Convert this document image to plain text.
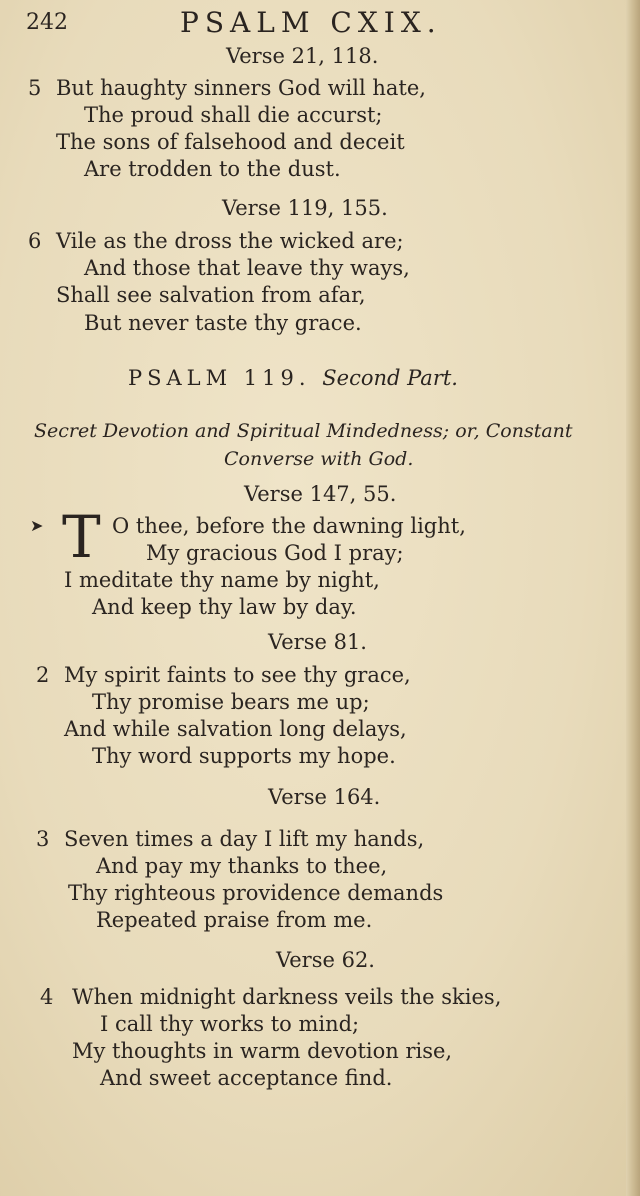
242	PSALM CXIX.
Verse 21, 118.
5 But haughty sinners God will hate,
The proud shall die accurst;
The sons of falsehood and deceit
Are trodden to the dust.
Verse 119, 155.
6 Vile as the dross the wicked are;
And those that leave thy ways,
Shall see salvation from afar,
But never taste thy grace.
PSALM 119. Second Part.
Secret Devotion and Spiritual Mindedness; or, Constant
Converse with God.
Verse 147, 55.
➤ T O thee, before the dawning light,
My gracious God I pray;
I meditate thy name by night,
And keep thy law by day.
Verse 81.
2 My spirit faints to see thy grace,
Thy promise bears me up;
And while salvation long delays,
Thy word supports my hope.
Verse 164.
3 Seven times a day I lift my hands,
And pay my thanks to thee,
Thy righteous providence demands
Repeated praise from me.
Verse 62.
4 When midnight darkness veils the skies,
I call thy works to mind;
My thoughts in warm devotion rise,
And sweet acceptance find.
